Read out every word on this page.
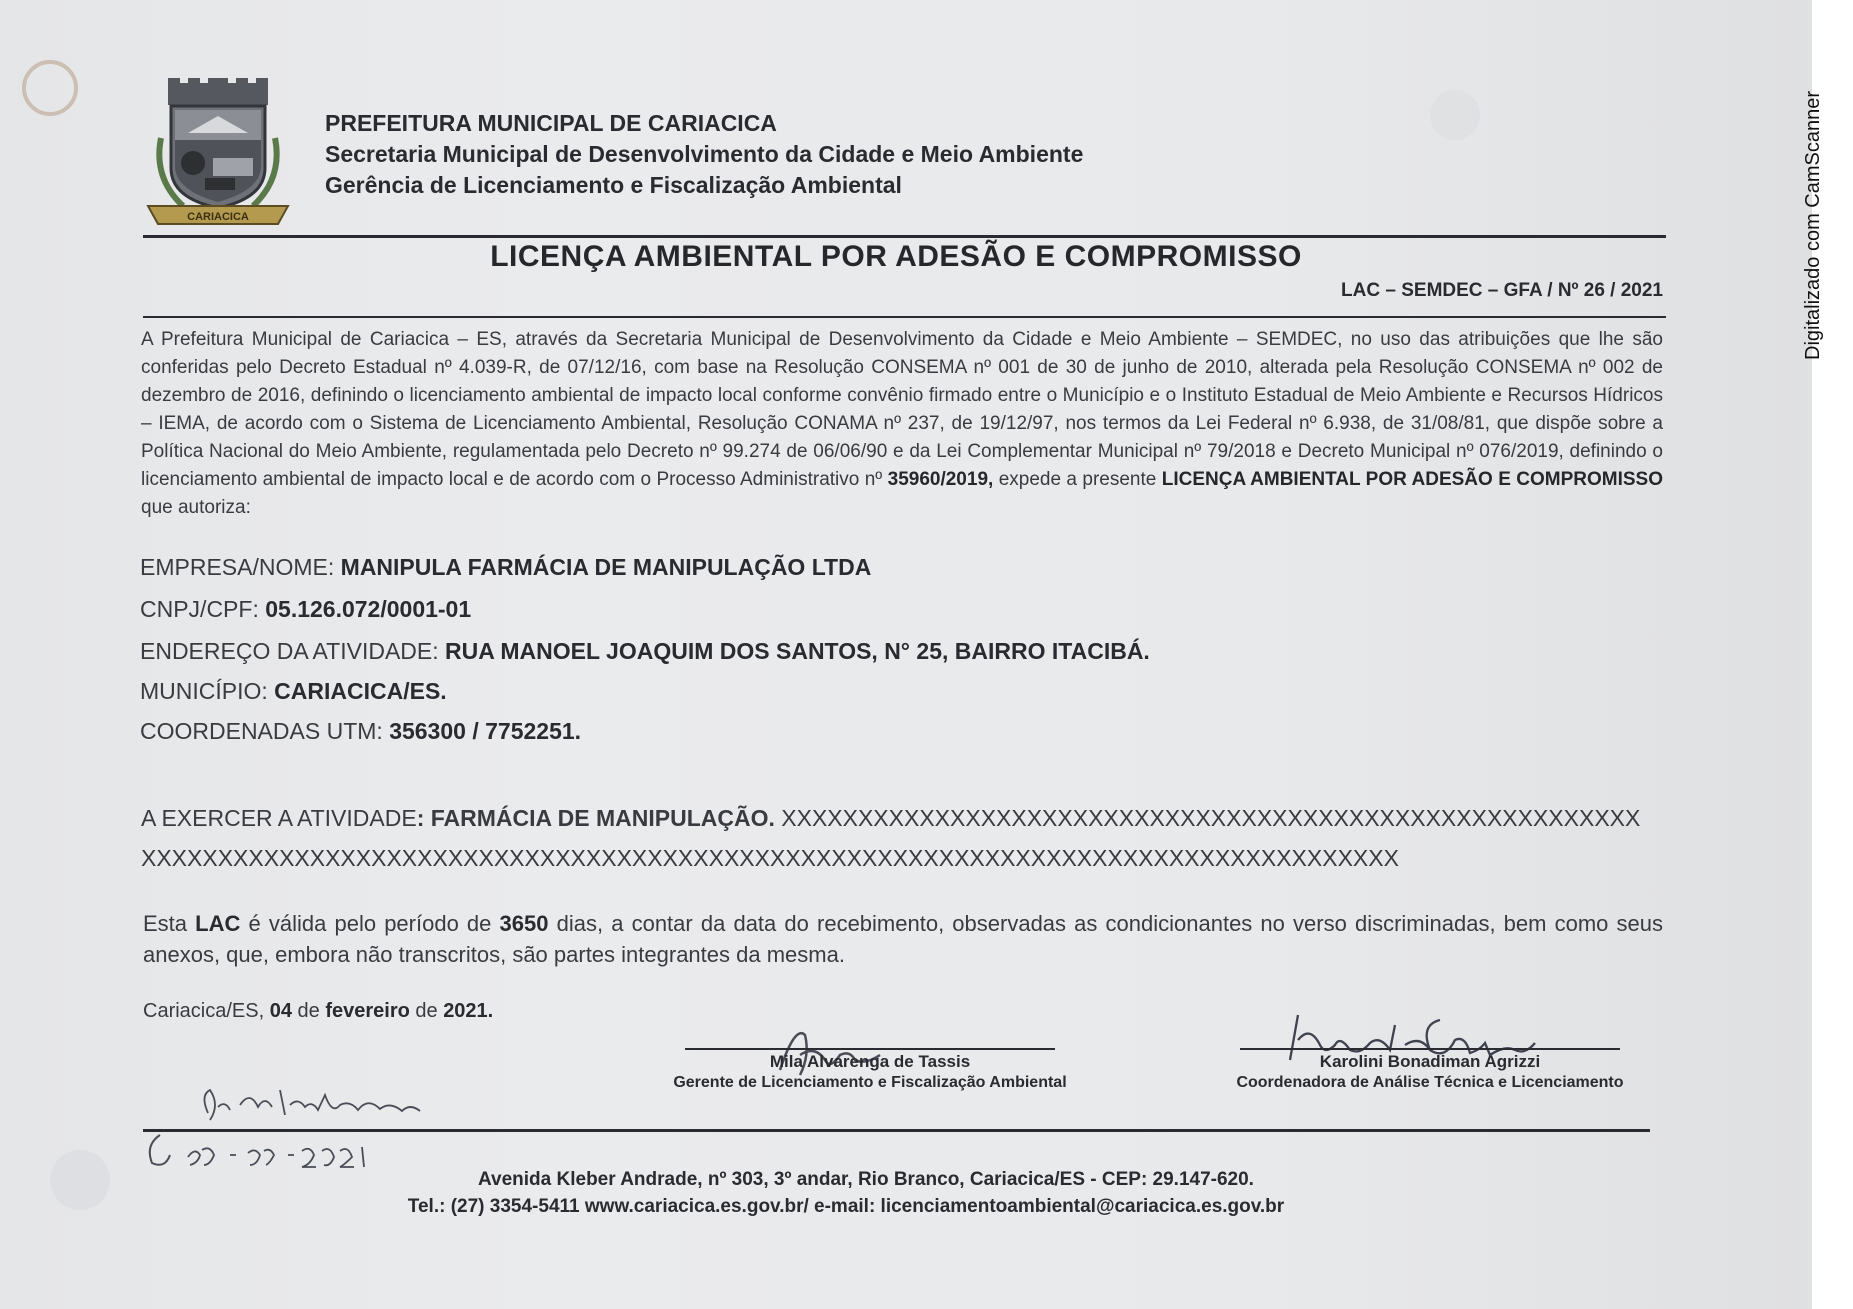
CARIACICA
PREFEITURA MUNICIPAL DE CARIACICA
Secretaria Municipal de Desenvolvimento da Cidade e Meio Ambiente
Gerência de Licenciamento e Fiscalização Ambiental
LICENÇA AMBIENTAL POR ADESÃO E COMPROMISSO
LAC – SEMDEC – GFA / Nº 26 / 2021
A Prefeitura Municipal de Cariacica – ES, através da Secretaria Municipal de Desenvolvimento da Cidade e Meio Ambiente – SEMDEC, no uso das atribuições que lhe são conferidas pelo Decreto Estadual nº 4.039-R, de 07/12/16, com base na Resolução CONSEMA nº 001 de 30 de junho de 2010, alterada pela Resolução CONSEMA nº 002 de dezembro de 2016, definindo o licenciamento ambiental de impacto local conforme convênio firmado entre o Município e o Instituto Estadual de Meio Ambiente e Recursos Hídricos – IEMA, de acordo com o Sistema de Licenciamento Ambiental, Resolução CONAMA nº 237, de 19/12/97, nos termos da Lei Federal nº 6.938, de 31/08/81, que dispõe sobre a Política Nacional do Meio Ambiente, regulamentada pelo Decreto nº 99.274 de 06/06/90 e da Lei Complementar Municipal nº 79/2018 e Decreto Municipal nº 076/2019, definindo o licenciamento ambiental de impacto local e de acordo com o Processo Administrativo nº 35960/2019, expede a presente LICENÇA AMBIENTAL POR ADESÃO E COMPROMISSO que autoriza:
EMPRESA/NOME: MANIPULA FARMÁCIA DE MANIPULAÇÃO LTDA
CNPJ/CPF: 05.126.072/0001-01
ENDEREÇO DA ATIVIDADE: RUA MANOEL JOAQUIM DOS SANTOS, N° 25, BAIRRO ITACIBÁ.
MUNICÍPIO: CARIACICA/ES.
COORDENADAS UTM: 356300 / 7752251.
A EXERCER A ATIVIDADE: FARMÁCIA DE MANIPULAÇÃO. XXXXXXXXXXXXXXXXXXXXXXXXXXXXXXXXXXXXXXXXXXXXXXXXXXXXXXXX
XXXXXXXXXXXXXXXXXXXXXXXXXXXXXXXXXXXXXXXXXXXXXXXXXXXXXXXXXXXXXXXXXXXXXXXXXXXXXXXXXX
Esta LAC é válida pelo período de 3650 dias, a contar da data do recebimento, observadas as condicionantes no verso discriminadas, bem como seus anexos, que, embora não transcritos, são partes integrantes da mesma.
Cariacica/ES, 04 de fevereiro de 2021.
Mila Alvarenga de Tassis
Gerente de Licenciamento e Fiscalização Ambiental
Karolini Bonadiman Agrizzi
Coordenadora de Análise Técnica e Licenciamento
Avenida Kleber Andrade, nº 303, 3º andar, Rio Branco, Cariacica/ES - CEP: 29.147-620.
Tel.: (27) 3354-5411 www.cariacica.es.gov.br/ e-mail: licenciamentoambiental@cariacica.es.gov.br
Digitalizado com CamScanner
